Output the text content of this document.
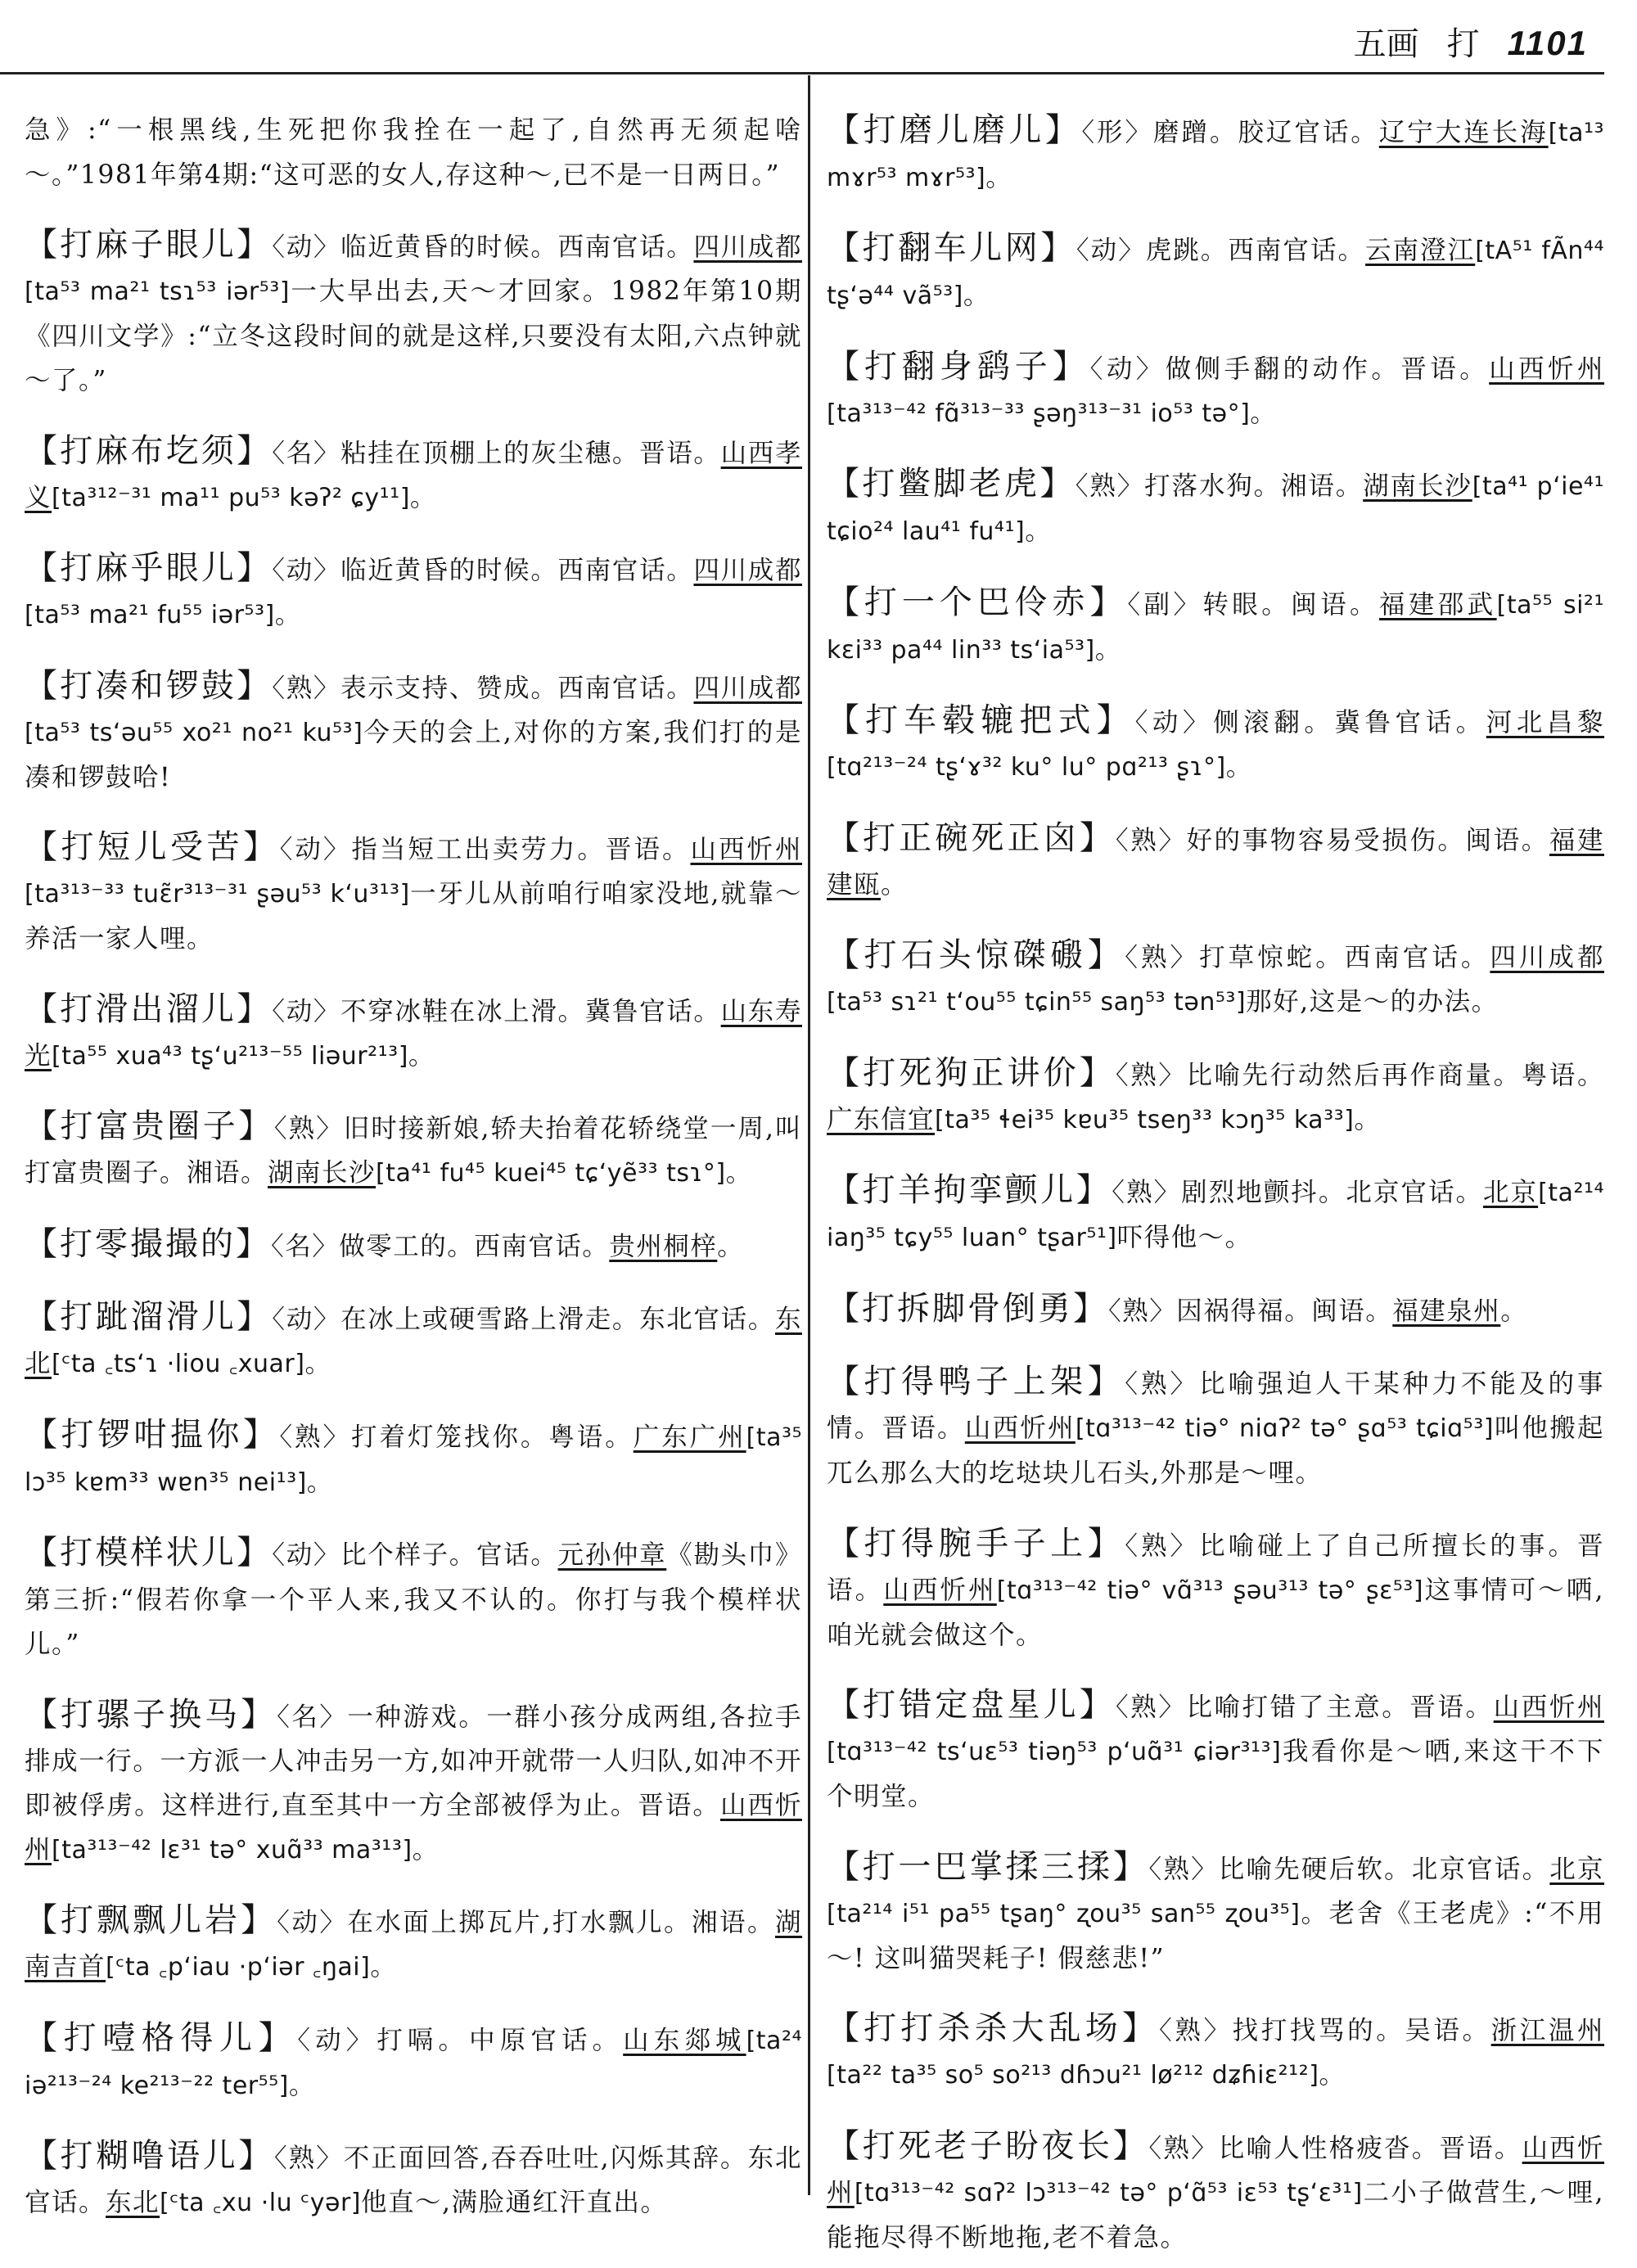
五画 打 1101

急》:“一根黑线,生死把你我拴在一起了,自然再无须起啥～。”1981年第4期:“这可恶的女人,存这种～,已不是一日两日。”

【打麻子眼儿】〈动〉临近黄昏的时候。西南官话。四川成都[ta⁵³ ma²¹ tsɿ⁵³ iər⁵³]一大早出去,天～才回家。1982年第10期《四川文学》:“立冬这段时间的就是这样,只要没有太阳,六点钟就～了。”

【打麻布圪须】〈名〉粘挂在顶棚上的灰尘穗。晋语。山西孝义[ta³¹²⁻³¹ ma¹¹ pu⁵³ kəʔ² ɕy¹¹]。

【打麻乎眼儿】〈动〉临近黄昏的时候。西南官话。四川成都[ta⁵³ ma²¹ fu⁵⁵ iər⁵³]。

【打凑和锣鼓】〈熟〉表示支持、赞成。西南官话。四川成都[ta⁵³ ts‘əu⁵⁵ xo²¹ no²¹ ku⁵³]今天的会上,对你的方案,我们打的是凑和锣鼓哈!

【打短儿受苦】〈动〉指当短工出卖劳力。晋语。山西忻州[ta³¹³⁻³³ tuɛ̃r³¹³⁻³¹ ʂəu⁵³ k‘u³¹³]一牙儿从前咱行咱家没地,就靠～养活一家人哩。

【打滑出溜儿】〈动〉不穿冰鞋在冰上滑。冀鲁官话。山东寿光[ta⁵⁵ xua⁴³ tʂ‘u²¹³⁻⁵⁵ liəur²¹³]。

【打富贵圈子】〈熟〉旧时接新娘,轿夫抬着花轿绕堂一周,叫打富贵圈子。湘语。湖南长沙[ta⁴¹ fu⁴⁵ kuei⁴⁵ tɕ‘yẽ³³ tsɿ°]。

【打零撮撮的】〈名〉做零工的。西南官话。贵州桐梓。

【打跐溜滑儿】〈动〉在冰上或硬雪路上滑走。东北官话。东北[ᶜta ꜀ts‘ɿ ·liou ꜀xuar]。

【打锣咁揾你】〈熟〉打着灯笼找你。粤语。广东广州[ta³⁵ lɔ³⁵ kɐm³³ wɐn³⁵ nei¹³]。

【打模样状儿】〈动〉比个样子。官话。元孙仲章《勘头巾》第三折:“假若你拿一个平人来,我又不认的。你打与我个模样状儿。”

【打骡子换马】〈名〉一种游戏。一群小孩分成两组,各拉手排成一行。一方派一人冲击另一方,如冲开就带一人归队,如冲不开即被俘虏。这样进行,直至其中一方全部被俘为止。晋语。山西忻州[ta³¹³⁻⁴² lɛ³¹ tə° xuɑ̃³³ ma³¹³]。

【打飘飘儿岩】〈动〉在水面上掷瓦片,打水飘儿。湘语。湖南吉首[ᶜta ꜀p‘iau ·p‘iər ꜀ŋai]。

【打噎格得儿】〈动〉打嗝。中原官话。山东郯城[ta²⁴ iə²¹³⁻²⁴ ke²¹³⁻²² ter⁵⁵]。

【打糊噜语儿】〈熟〉不正面回答,吞吞吐吐,闪烁其辞。东北官话。东北[ᶜta ꜀xu ·lu ᶜyər]他直～,满脸通红汗直出。

【打磨儿磨儿】〈形〉磨蹭。胶辽官话。辽宁大连长海[ta¹³ mɤr⁵³ mɤr⁵³]。

【打翻车儿网】〈动〉虎跳。西南官话。云南澄江[tA⁵¹ fÃn⁴⁴ tʂ‘ə⁴⁴ vã⁵³]。

【打翻身鹞子】〈动〉做侧手翻的动作。晋语。山西忻州[ta³¹³⁻⁴² fɑ̃³¹³⁻³³ ʂəŋ³¹³⁻³¹ io⁵³ tə°]。

【打鳖脚老虎】〈熟〉打落水狗。湘语。湖南长沙[ta⁴¹ p‘ie⁴¹ tɕio²⁴ lau⁴¹ fu⁴¹]。

【打一个巴伶赤】〈副〉转眼。闽语。福建邵武[ta⁵⁵ si²¹ kɛi³³ pa⁴⁴ lin³³ ts‘ia⁵³]。

【打车毂辘把式】〈动〉侧滚翻。冀鲁官话。河北昌黎[tɑ²¹³⁻²⁴ tʂ‘ɤ³² ku° lu° pɑ²¹³ ʂɿ°]。

【打正碗死正囟】〈熟〉好的事物容易受损伤。闽语。福建建瓯。

【打石头惊磔磤】〈熟〉打草惊蛇。西南官话。四川成都[ta⁵³ sɿ²¹ t‘ou⁵⁵ tɕin⁵⁵ saŋ⁵³ tən⁵³]那好,这是～的办法。

【打死狗正讲价】〈熟〉比喻先行动然后再作商量。粤语。广东信宜[ta³⁵ ɬei³⁵ kɐu³⁵ tseŋ³³ kɔŋ³⁵ ka³³]。

【打羊拘挛颤儿】〈熟〉剧烈地颤抖。北京官话。北京[ta²¹⁴ iaŋ³⁵ tɕy⁵⁵ luan° tʂar⁵¹]吓得他～。

【打拆脚骨倒勇】〈熟〉因祸得福。闽语。福建泉州。

【打得鸭子上架】〈熟〉比喻强迫人干某种力不能及的事情。晋语。山西忻州[tɑ³¹³⁻⁴² tiə° niɑʔ² tə° ʂɑ⁵³ tɕiɑ⁵³]叫他搬起兀么那么大的圪垯块儿石头,外那是～哩。

【打得腕手子上】〈熟〉比喻碰上了自己所擅长的事。晋语。山西忻州[tɑ³¹³⁻⁴² tiə° vɑ̃³¹³ ʂəu³¹³ tə° ʂɛ⁵³]这事情可～哂,咱光就会做这个。

【打错定盘星儿】〈熟〉比喻打错了主意。晋语。山西忻州[tɑ³¹³⁻⁴² ts‘uɛ⁵³ tiəŋ⁵³ p‘uɑ̃³¹ ɕiər³¹³]我看你是～哂,来这干不下个明堂。

【打一巴掌揉三揉】〈熟〉比喻先硬后软。北京官话。北京[ta²¹⁴ i⁵¹ pa⁵⁵ tʂaŋ° ʐou³⁵ san⁵⁵ ʐou³⁵]。老舍《王老虎》:“不用～! 这叫猫哭耗子! 假慈悲!”

【打打杀杀大乱场】〈熟〉找打找骂的。吴语。浙江温州[ta²² ta³⁵ so⁵ so²¹³ dɦɔu²¹ lø²¹² dʑɦiɛ²¹²]。

【打死老子盼夜长】〈熟〉比喻人性格疲沓。晋语。山西忻州[tɑ³¹³⁻⁴² sɑʔ² lɔ³¹³⁻⁴² tə° p‘ɑ̃⁵³ iɛ⁵³ tʂ‘ɛ³¹]二小子做营生,～哩,能拖尽得不断地拖,老不着急。
